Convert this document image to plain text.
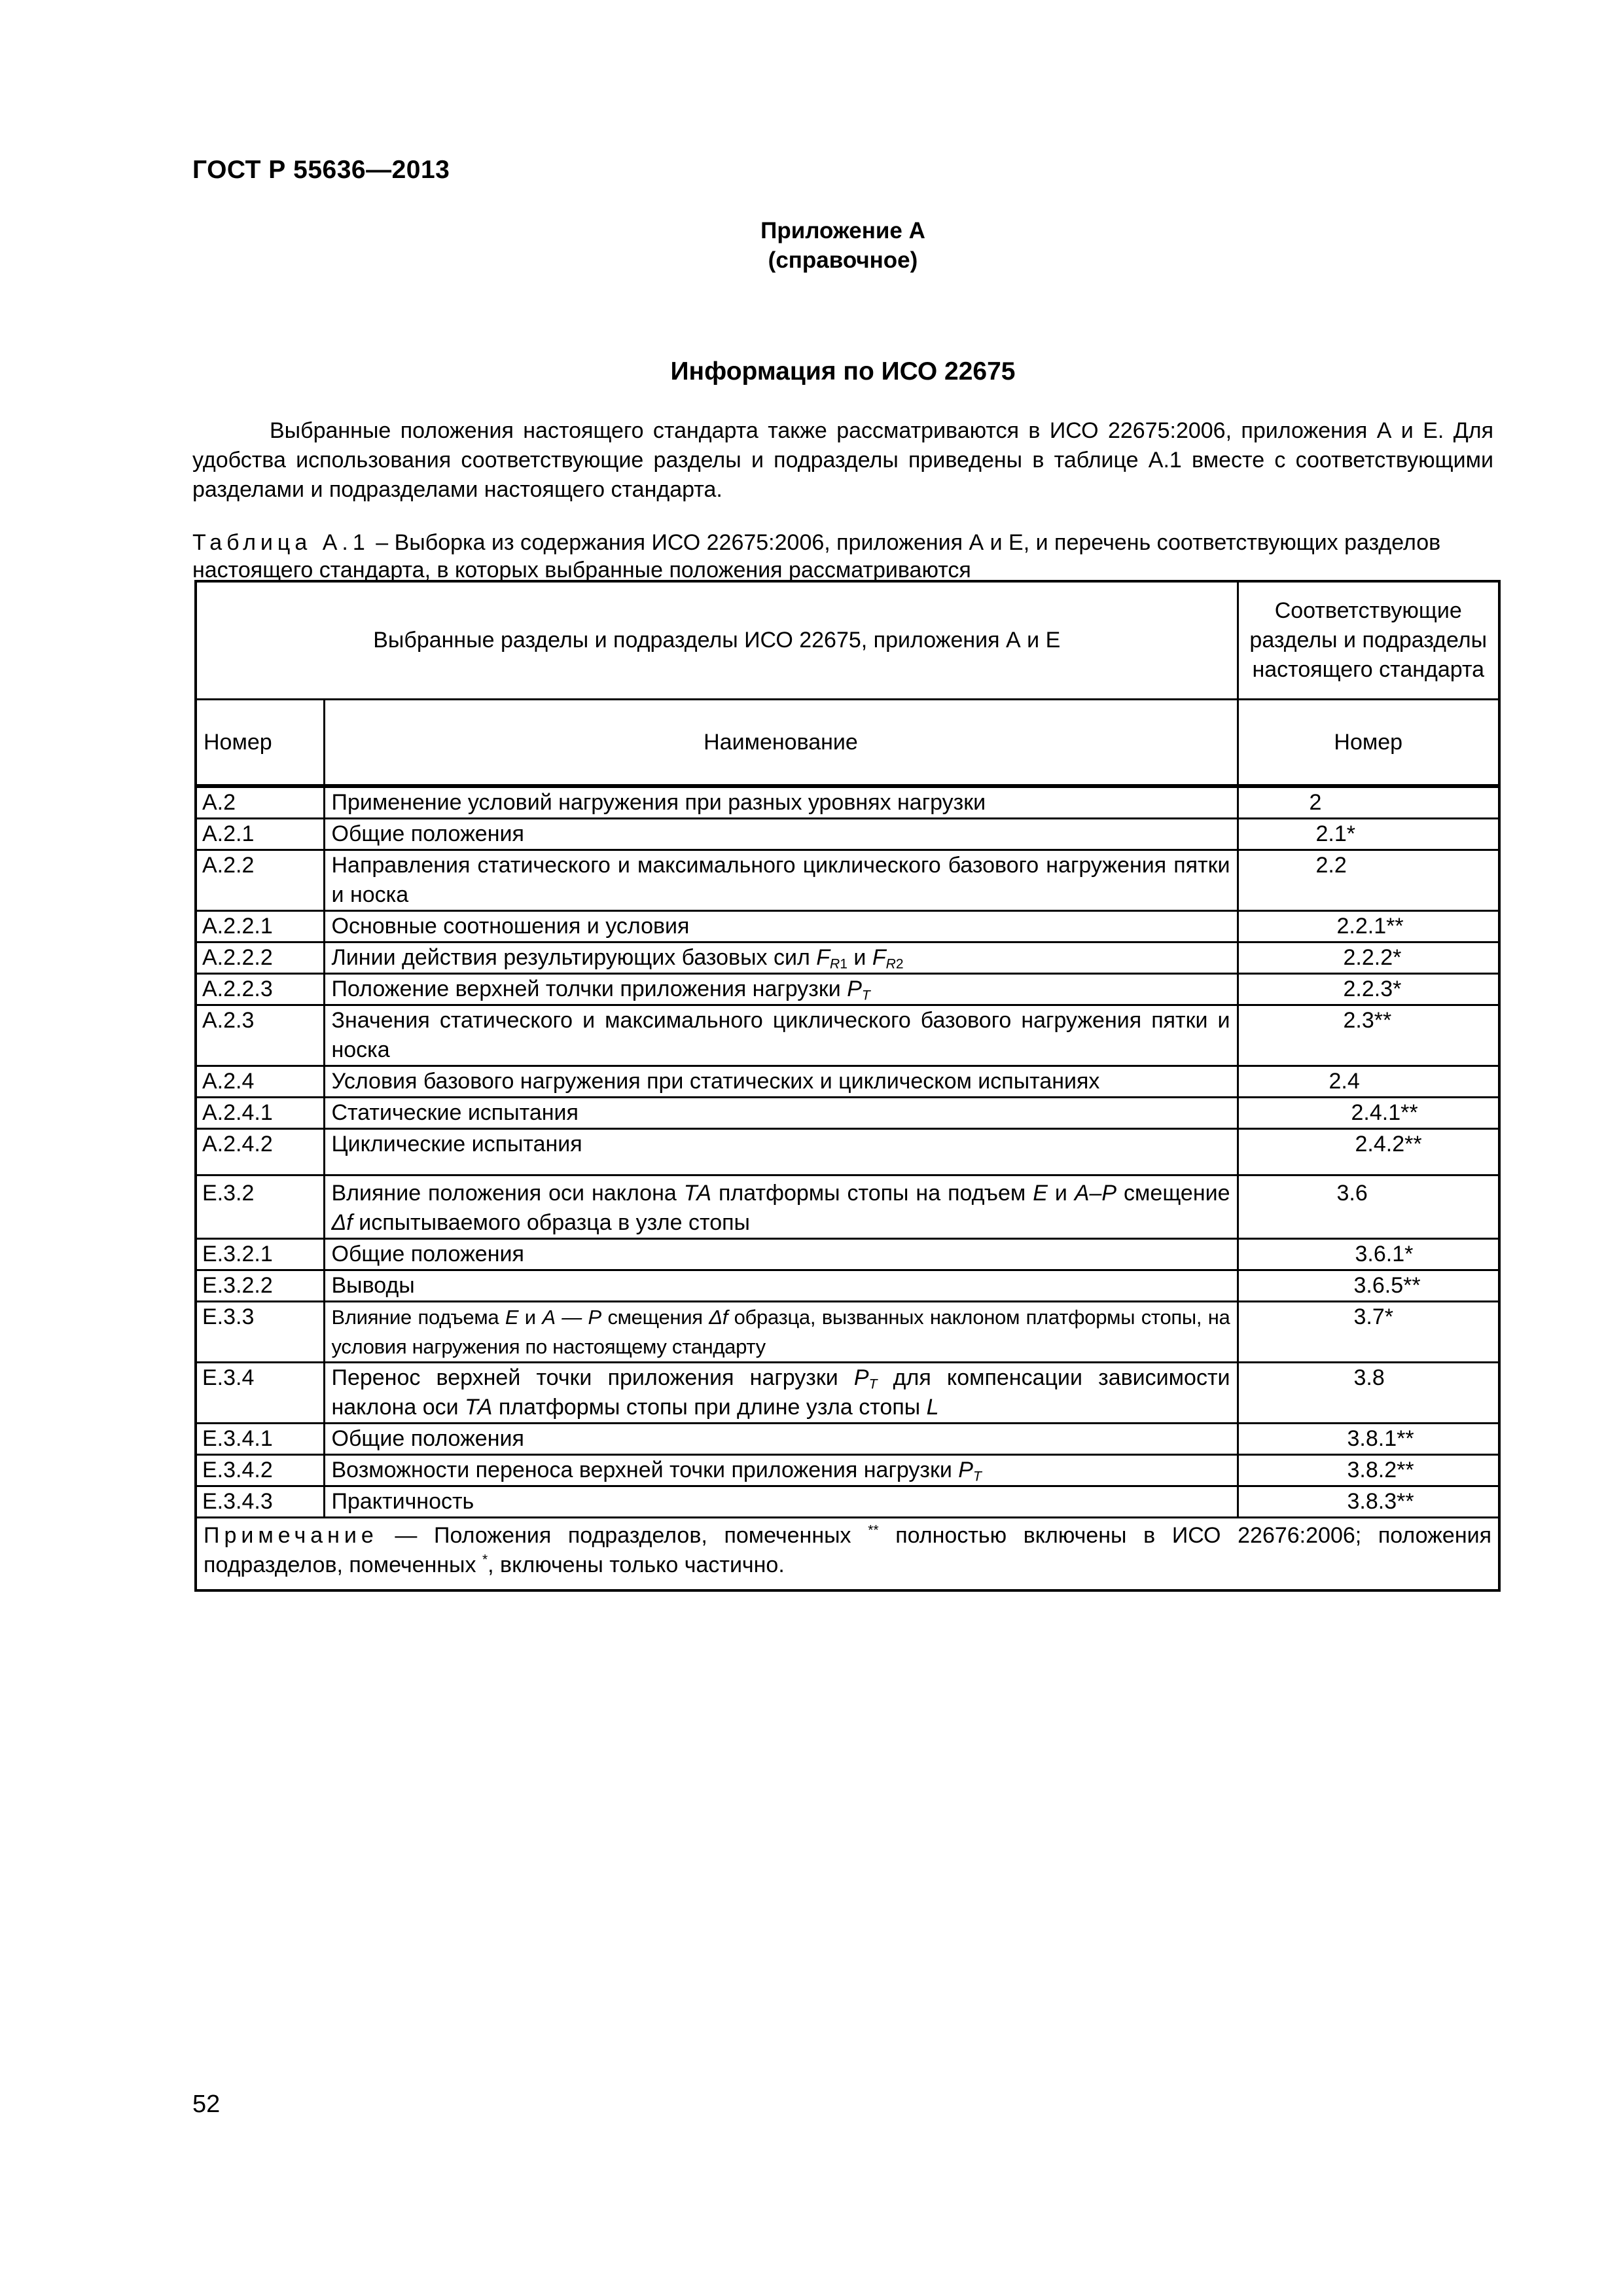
ГОСТ Р 55636—2013
Приложение А
(справочное)
Информация по ИСО 22675

Выбранные положения настоящего стандарта также рассматриваются в ИСО 22675:2006, приложения А и Е. Для удобства использования соответствующие разделы и подразделы приведены в таблице А.1 вместе с соответствующими разделами и подразделами настоящего стандарта.

Таблица А.1 – Выборка из содержания ИСО 22675:2006, приложения А и Е, и перечень соответствующих разделов настоящего стандарта, в которых выбранные положения рассматриваются
Выбранные разделы и подразделы ИСО 22675, приложения А и Е		Соответствующие разделы и подразделы настоящего стандарта
Номер	Наименование	Номер
А.2	Применение условий нагружения при разных уровнях нагрузки	2
А.2.1	Общие положения	2.1*
А.2.2	Направления статического и максимального циклического базового нагружения пятки и носка	2.2
А.2.2.1	Основные соотношения и условия	2.2.1**
А.2.2.2	Линии действия результирующих базовых сил $F_{R1}$ и $F_{R2}$	2.2.2*
А.2.2.3	Положение верхней толчки приложения нагрузки $P_T$	2.2.3*
А.2.3	Значения статического и максимального циклического базового нагружения пятки и носка	2.3**
А.2.4	Условия базового нагружения при статических и циклическом испытаниях	2.4
А.2.4.1	Статические испытания	2.4.1**
А.2.4.2	Циклические испытания	2.4.2**
Е.3.2	Влияние положения оси наклона ТА платформы стопы на подъем Е и А–Р смещение Δf испытываемого образца в узле стопы	3.6
Е.3.2.1	Общие положения	3.6.1*
Е.3.2.2	Выводы	3.6.5**
Е.3.3	Влияние подъема Е и А — Р смещения Δf образца, вызванных наклоном платформы стопы, на условия нагружения по настоящему стандарту	3.7*
Е.3.4	Перенос верхней точки приложения нагрузки $P_T$ для компенсации зависимости наклона оси ТА платформы стопы при длине узла стопы L	3.8
Е.3.4.1	Общие положения	3.8.1**
Е.3.4.2	Возможности переноса верхней точки приложения нагрузки $P_T$	3.8.2**
Е.3.4.3	Практичность	3.8.3**
Примечание — Положения подразделов, помеченных ** полностью включены в ИСО 22676:2006; положения подразделов, помеченных *, включены только частично.		
52
